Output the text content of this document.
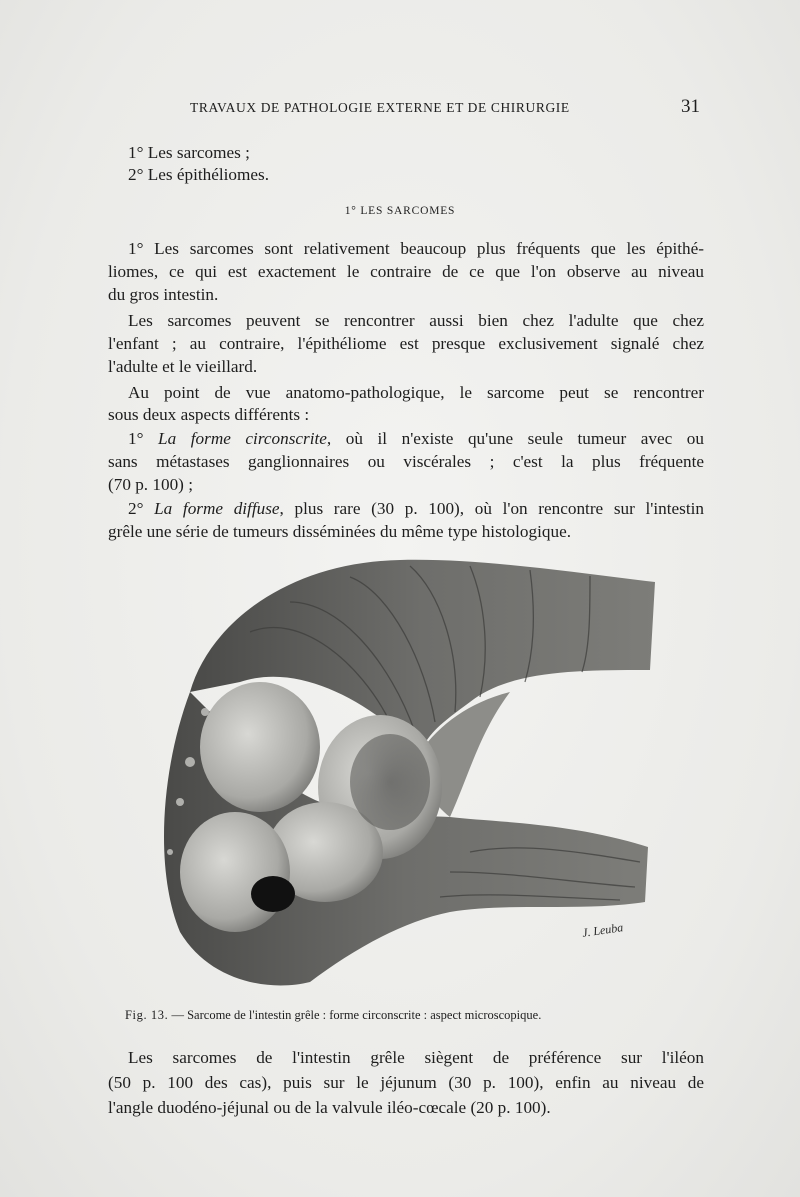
TRAVAUX DE PATHOLOGIE EXTERNE ET DE CHIRURGIE	31
1° Les sarcomes ;
2° Les épithéliomes.
1° LES SARCOMES
1° Les sarcomes sont relativement beaucoup plus fréquents que les épithé-
liomes, ce qui est exactement le contraire de ce que l'on observe au niveau
du gros intestin.
Les sarcomes peuvent se rencontrer aussi bien chez l'adulte que chez
l'enfant ; au contraire, l'épithéliome est presque exclusivement signalé chez
l'adulte et le vieillard.
Au point de vue anatomo-pathologique, le sarcome peut se rencontrer
sous deux aspects différents :
1° La forme circonscrite, où il n'existe qu'une seule tumeur avec ou
sans métastases ganglionnaires ou viscérales ; c'est la plus fréquente
(70 p. 100) ;
2° La forme diffuse, plus rare (30 p. 100), où l'on rencontre sur l'intestin
grêle une série de tumeurs disséminées du même type histologique.
J. Leuba
Fig. 13. — Sarcome de l'intestin grêle : forme circonscrite : aspect microscopique.
Les sarcomes de l'intestin grêle siègent de préférence sur l'iléon
(50 p. 100 des cas), puis sur le jéjunum (30 p. 100), enfin au niveau de
l'angle duodéno-jéjunal ou de la valvule iléo-cœcale (20 p. 100).
